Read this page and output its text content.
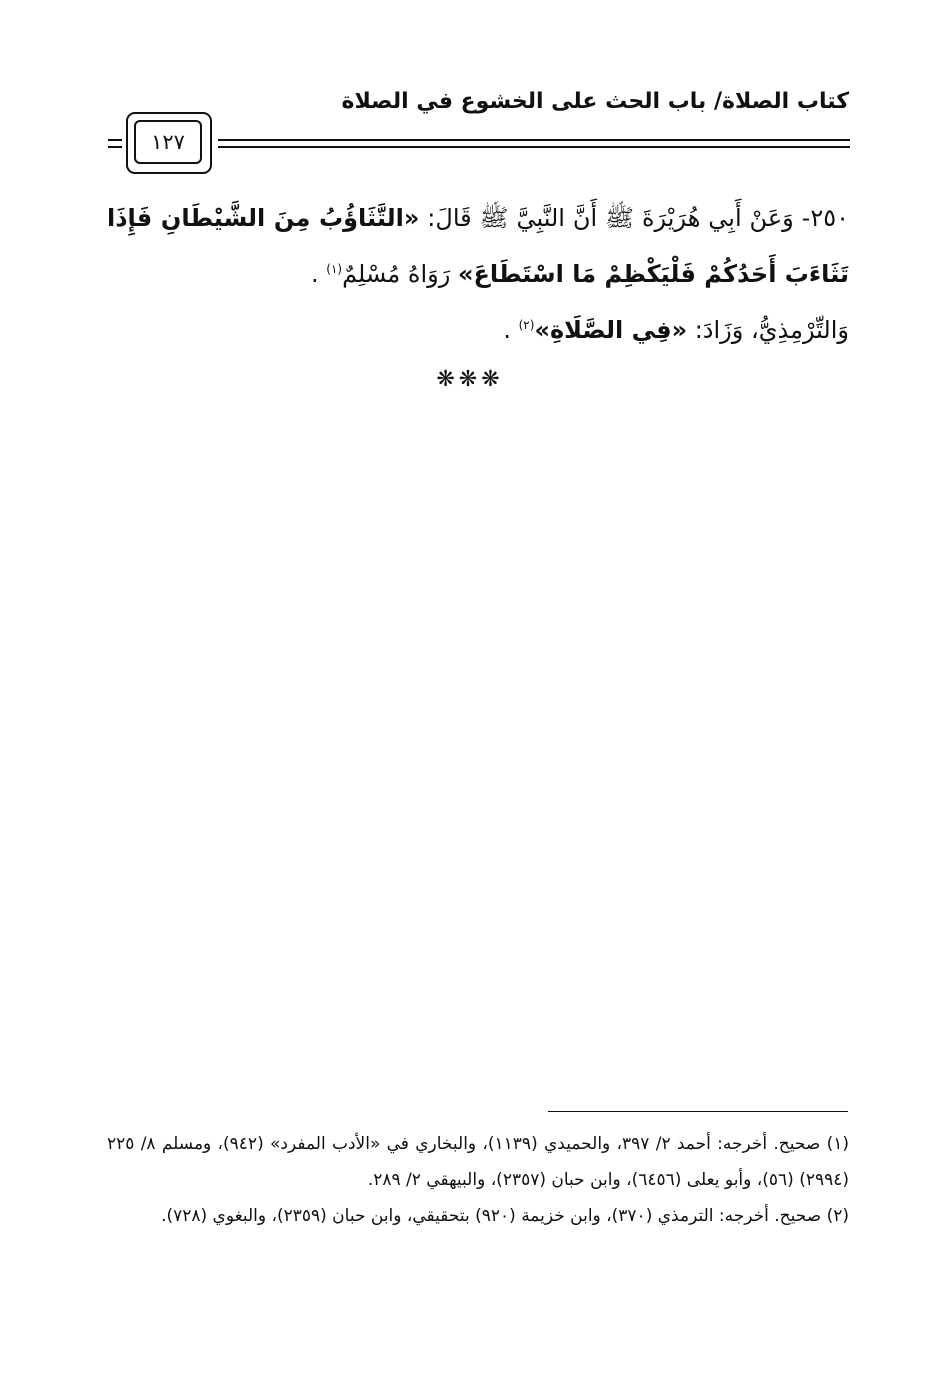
كتاب الصلاة/ باب الحث على الخشوع في الصلاة
١٢٧

٢٥٠- وَعَنْ أَبِي هُرَيْرَةَ ﷺ أَنَّ النَّبِيَّ ﷺ قَالَ: «التَّثَاؤُبُ مِنَ الشَّيْطَانِ فَإِذَا تَثَاءَبَ أَحَدُكُمْ فَلْيَكْظِمْ مَا اسْتَطَاعَ» رَوَاهُ مُسْلِمٌ$^{(١)}$ .

وَالتِّرْمِذِيُّ، وَزَادَ: «فِي الصَّلَاةِ»$^{(٢)}$ .

❋❋❋

(١) صحيح. أخرجه: أحمد ٢/ ٣٩٧، والحميدي (١١٣٩)، والبخاري في «الأدب المفرد» (٩٤٢)، ومسلم ٨/ ٢٢٥ (٢٩٩٤) (٥٦)، وأبو يعلى (٦٤٥٦)، وابن حبان (٢٣٥٧)، والبيهقي ٢/ ٢٨٩.

(٢) صحيح. أخرجه: الترمذي (٣٧٠)، وابن خزيمة (٩٢٠) بتحقيقي، وابن حبان (٢٣٥٩)، والبغوي (٧٢٨).
